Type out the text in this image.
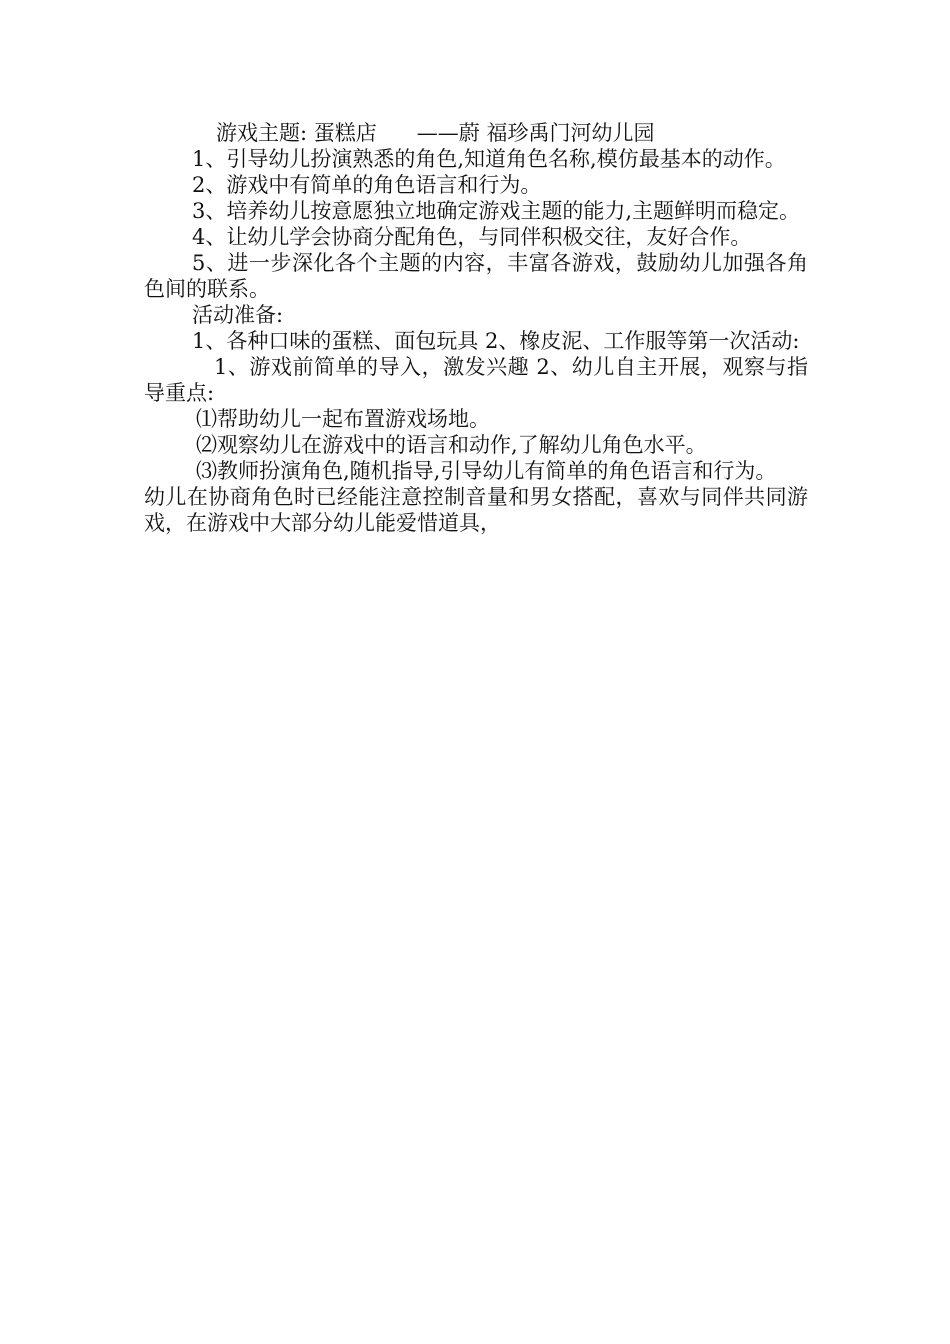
游戏主题: 蛋糕店      ——蔚 福珍禹门河幼儿园

1、引导幼儿扮演熟悉的角色,知道角色名称,模仿最基本的动作。

2、游戏中有简单的角色语言和行为。

3、培养幼儿按意愿独立地确定游戏主题的能力,主题鲜明而稳定。

4、让幼儿学会协商分配角色，与同伴积极交往，友好合作。

5、进一步深化各个主题的内容，丰富各游戏，鼓励幼儿加强各角色间的联系。

活动准备:

1、各种口味的蛋糕、面包玩具 2、橡皮泥、工作服等第一次活动:

1、游戏前简单的导入，激发兴趣 2、幼儿自主开展，观察与指导重点:

⑴帮助幼儿一起布置游戏场地。

⑵观察幼儿在游戏中的语言和动作,了解幼儿角色水平。

⑶教师扮演角色,随机指导,引导幼儿有简单的角色语言和行为。

幼儿在协商角色时已经能注意控制音量和男女搭配，喜欢与同伴共同游戏，在游戏中大部分幼儿能爱惜道具，
